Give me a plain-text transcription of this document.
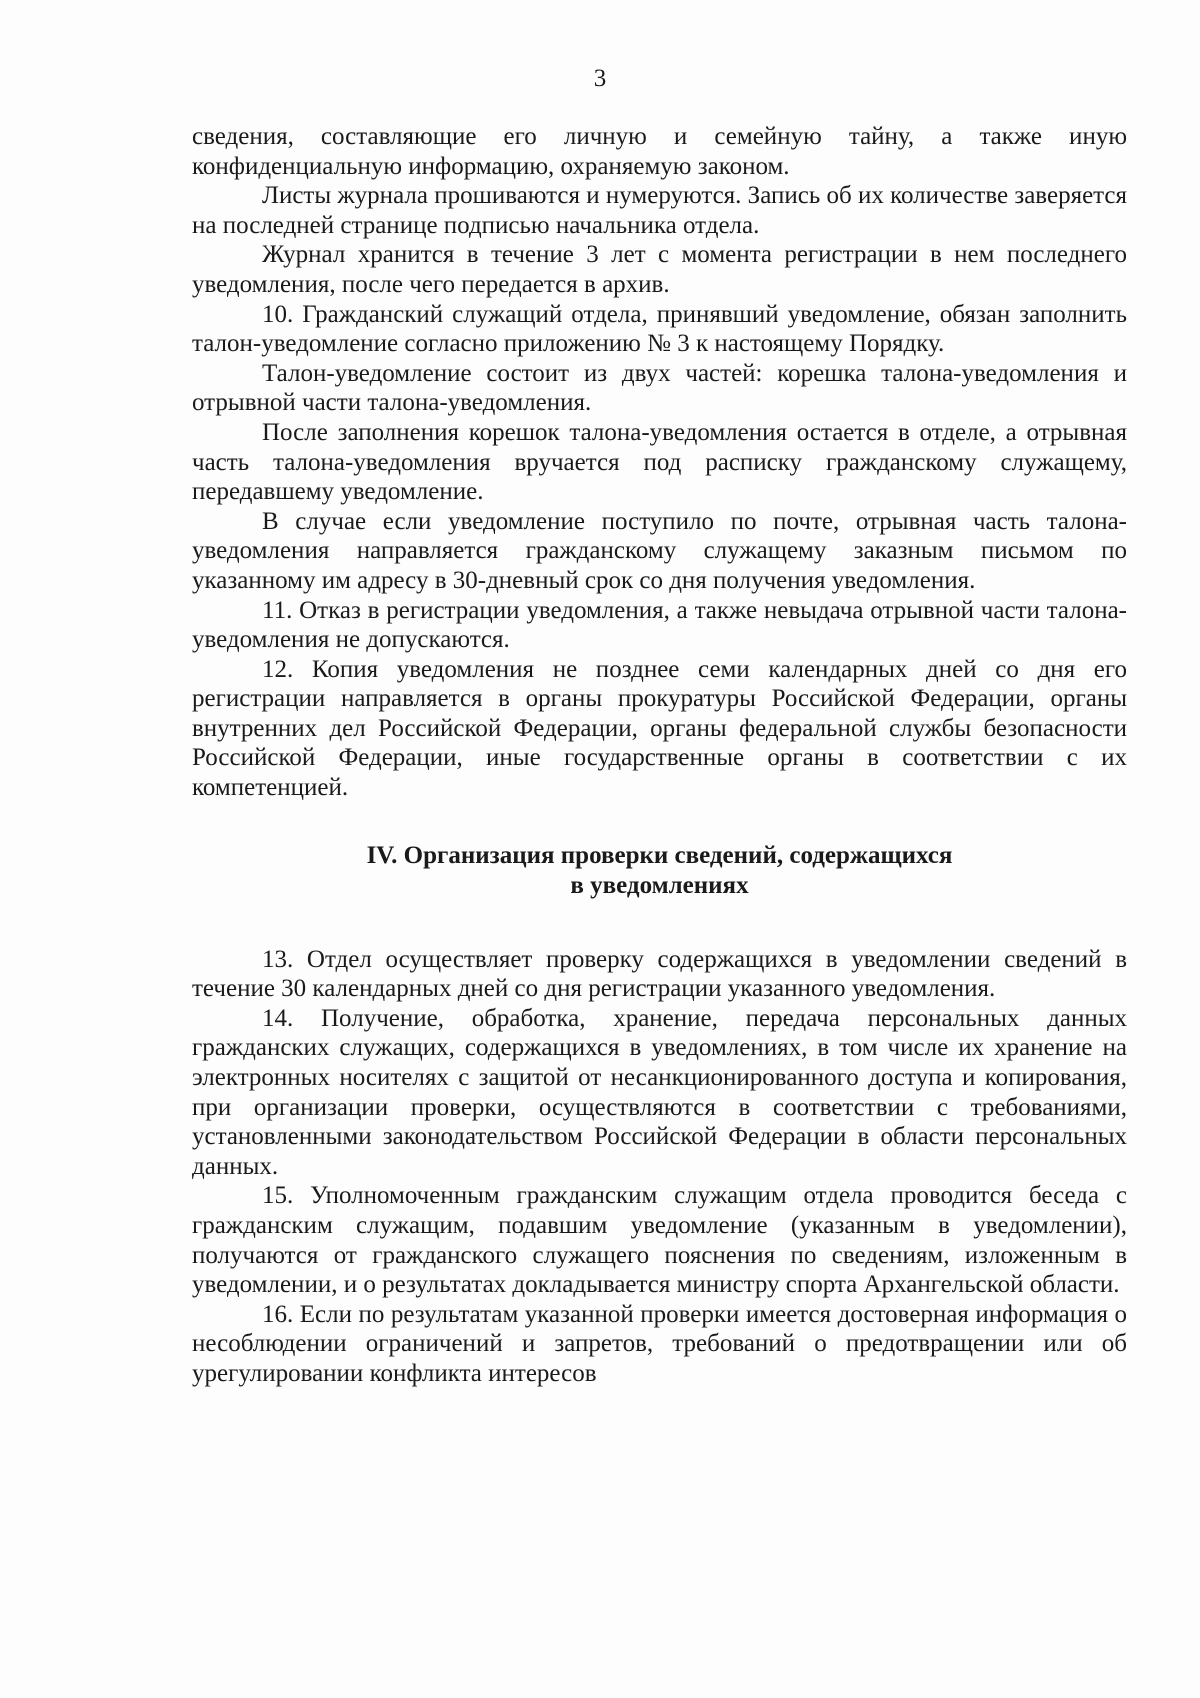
3

сведения, составляющие его личную и семейную тайну, а также иную конфиденциальную информацию, охраняемую законом.

Листы журнала прошиваются и нумеруются. Запись об их количестве заверяется на последней странице подписью начальника отдела.

Журнал хранится в течение 3 лет с момента регистрации в нем последнего уведомления, после чего передается в архив.

10. Гражданский служащий отдела, принявший уведомление, обязан заполнить талон-уведомление согласно приложению № 3 к настоящему Порядку.

Талон-уведомление состоит из двух частей: корешка талона-уведомления и отрывной части талона-уведомления.

После заполнения корешок талона-уведомления остается в отделе, а отрывная часть талона-уведомления вручается под расписку гражданскому служащему, передавшему уведомление.

В случае если уведомление поступило по почте, отрывная часть талона-уведомления направляется гражданскому служащему заказным письмом по указанному им адресу в 30-дневный срок со дня получения уведомления.

11. Отказ в регистрации уведомления, а также невыдача отрывной части талона-уведомления не допускаются.

12. Копия уведомления не позднее семи календарных дней со дня его регистрации направляется в органы прокуратуры Российской Федерации, органы внутренних дел Российской Федерации, органы федеральной службы безопасности Российской Федерации, иные государственные органы в соответствии с их компетенцией.

IV. Организация проверки сведений, содержащихся
в уведомлениях

13. Отдел осуществляет проверку содержащихся в уведомлении сведений в течение 30 календарных дней со дня регистрации указанного уведомления.

14. Получение, обработка, хранение, передача персональных данных гражданских служащих, содержащихся в уведомлениях, в том числе их хранение на электронных носителях с защитой от несанкционированного доступа и копирования, при организации проверки, осуществляются в соответствии с требованиями, установленными законодательством Российской Федерации в области персональных данных.

15. Уполномоченным гражданским служащим отдела проводится беседа с гражданским служащим, подавшим уведомление (указанным в уведомлении), получаются от гражданского служащего пояснения по сведениям, изложенным в уведомлении, и о результатах докладывается министру спорта Архангельской области.

16. Если по результатам указанной проверки имеется достоверная информация о несоблюдении ограничений и запретов, требований о предотвращении или об урегулировании конфликта интересов
